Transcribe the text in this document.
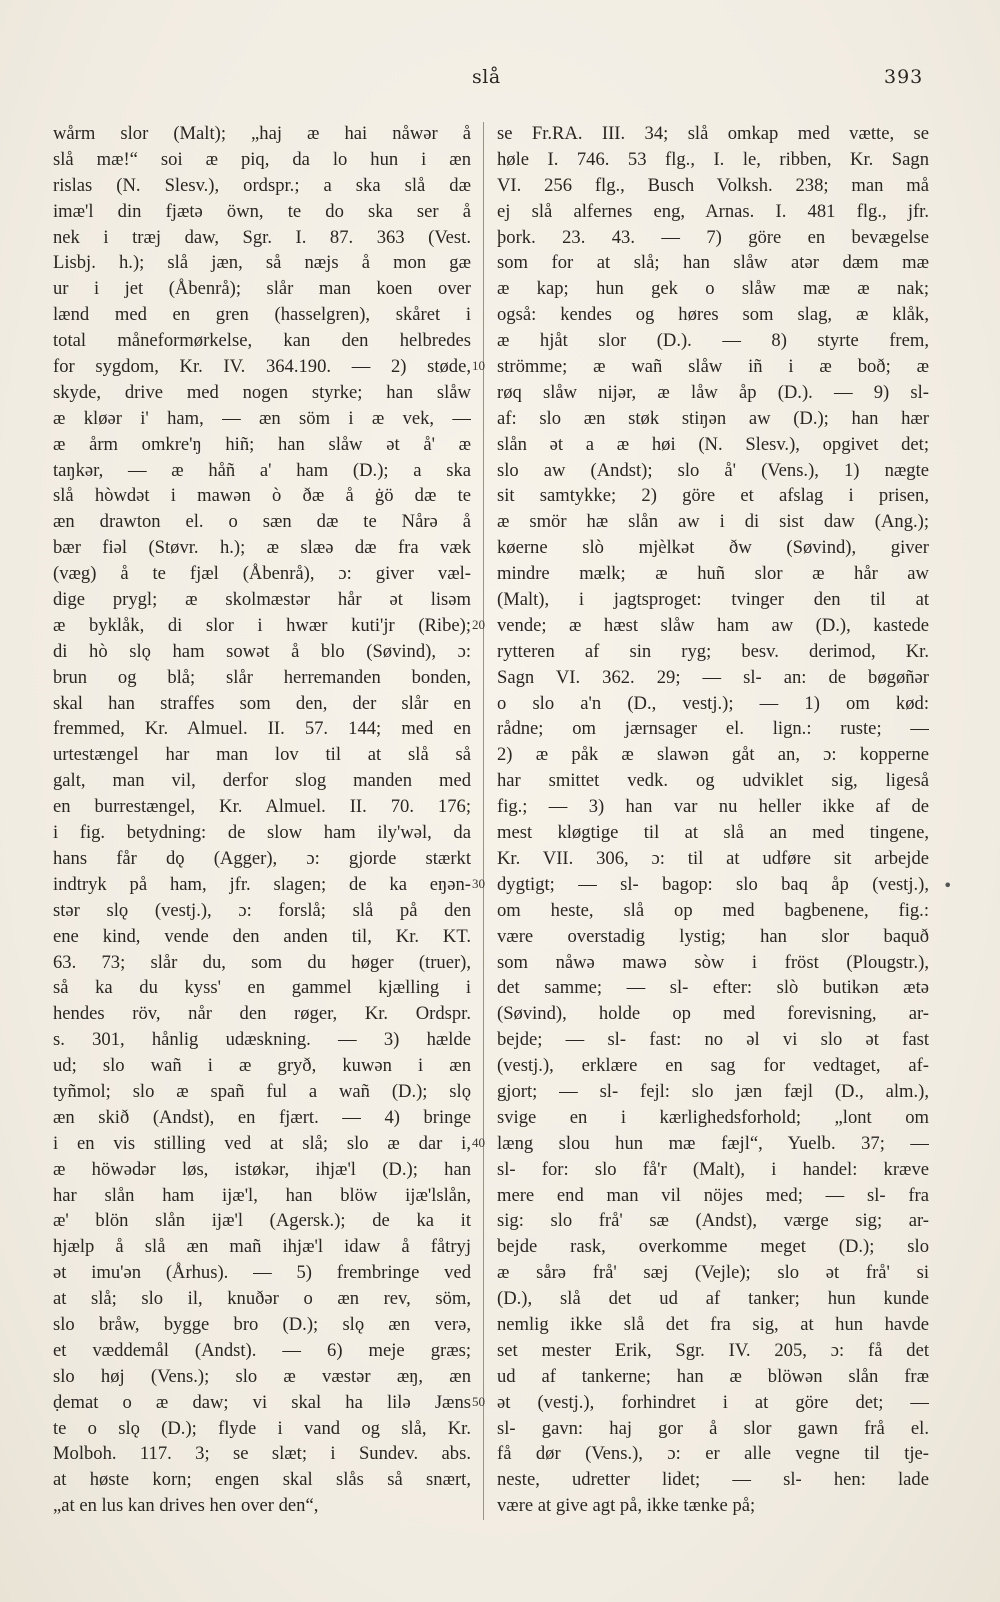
slå	393
wårm slor (Malt); „haj æ hai nåwər å
slå mæ!“ soi æ piq, da lo hun i æn
rislas (N. Slesv.), ordspr.; a ska slå dæ
imæ'l din fjætə öwn, te do ska ser å
nek i træj daw, Sgr. I. 87. 363 (Vest.
Lisbj. h.); slå jæn, så næjs å mon gæ
ur i jet (Åbenrå); slår man koen over
lænd med en gren (hasselgren), skåret i
total måneformørkelse, kan den helbredes
for sygdom, Kr. IV. 364.190. — 2) støde,
skyde, drive med nogen styrke; han slåw
æ kløər i' ham, — æn söm i æ vek, —
æ årm omkre'ŋ hiñ; han slåw ət å' æ
taŋkər, — æ håñ a' ham (D.); a ska
slå hòwdət i mawən ò ðæ å ġö dæ te
æn drawton el. o sæn dæ te Nårə å
bær fiəl (Støvr. h.); æ slæə dæ fra væk
(væg) å te fjæl (Åbenrå), ɔ: giver væl-
dige prygl; æ skolmæstər hår ət lisəm
æ byklåk, di slor i hwær kuti'jr (Ribe);
di hò slǫ ham sowət å blo (Søvind), ɔ:
brun og blå; slår herremanden bonden,
skal han straffes som den, der slår en
fremmed, Kr. Almuel. II. 57. 144; med en
urtestængel har man lov til at slå så
galt, man vil, derfor slog manden med
en burrestængel, Kr. Almuel. II. 70. 176;
i fig. betydning: de slow ham ily'wəl, da
hans får dǫ (Agger), ɔ: gjorde stærkt
indtryk på ham, jfr. slagen; de ka eŋən-
stər slǫ (vestj.), ɔ: forslå; slå på den
ene kind, vende den anden til, Kr. KT.
63. 73; slår du, som du høger (truer),
så ka du kyss' en gammel kjælling i
hendes röv, når den røger, Kr. Ordspr.
s. 301, hånlig udæskning. — 3) hælde
ud; slo wañ i æ gryð, kuwən i æn
tyñmol; slo æ spañ ful a wañ (D.); slǫ
æn skið (Andst), en fjært. — 4) bringe
i en vis stilling ved at slå; slo æ dar i,
æ höwədər løs, istøkər, ihjæ'l (D.); han
har slån ham ijæ'l, han blöw ijæ'lslån,
æ' blön slån ijæ'l (Agersk.); de ka it
hjælp å slå æn mañ ihjæ'l idaw å fåtryj
ət imu'ən (Århus). — 5) frembringe ved
at slå; slo il, knuðər o æn rev, söm,
slo bråw, bygge bro (D.); slǫ æn verə,
et væddemål (Andst). — 6) meje græs;
slo høj (Vens.); slo æ væstər æŋ, æn
ḍemat o æ daw; vi skal ha lilə Jæns
te o slǫ (D.); flyde i vand og slå, Kr.
Molboh. 117. 3; se slæt; i Sundev. abs.
at høste korn; engen skal slås så snært,
„at en lus kan drives hen over den“,
se Fr.RA. III. 34; slå omkap med vætte, se
høle I. 746. 53 flg., I. le, ribben, Kr. Sagn
VI. 256 flg., Busch Volksh. 238; man må
ej slå alfernes eng, Arnas. I. 481 flg., jfr.
þork. 23. 43. — 7) göre en bevægelse
som for at slå; han slåw atər dæm mæ
æ kap; hun gek o slåw mæ æ nak;
også: kendes og høres som slag, æ klåk,
æ hjåt slor (D.). — 8) styrte frem,
strömme; æ wañ slåw iñ i æ boð; æ
røq slåw nijər, æ låw åp (D.). — 9) sl-
af: slo æn støk stiŋən aw (D.); han hær
slån ət a æ høi (N. Slesv.), opgivet det;
slo aw (Andst); slo å' (Vens.), 1) nægte
sit samtykke; 2) göre et afslag i prisen,
æ smör hæ slån aw i di sist daw (Ang.);
køerne slò mjèlkət ðw (Søvind), giver
mindre mælk; æ huñ slor æ hår aw
(Malt), i jagtsproget: tvinger den til at
vende; æ hæst slåw ham aw (D.), kastede
rytteren af sin ryg; besv. derimod, Kr.
Sagn VI. 362. 29; — sl- an: de bøgøñər
o slo a'n (D., vestj.); — 1) om kød:
rådne; om jærnsager el. lign.: ruste; —
2) æ påk æ slawən gåt an, ɔ: kopperne
har smittet vedk. og udviklet sig, ligeså
fig.; — 3) han var nu heller ikke af de
mest kløgtige til at slå an med tingene,
Kr. VII. 306, ɔ: til at udføre sit arbejde
dygtigt; — sl- bagop: slo baq åp (vestj.),
om heste, slå op med bagbenene, fig.:
være overstadig lystig; han slor baquð
som nåwə mawə sòw i fröst (Plougstr.),
det samme; — sl- efter: slò butikən ætə
(Søvind), holde op med forevisning, ar-
bejde; — sl- fast: no əl vi slo ət fast
(vestj.), erklære en sag for vedtaget, af-
gjort; — sl- fejl: slo jæn fæjl (D., alm.),
svige en i kærlighedsforhold; „lont om
læng slou hun mæ fæjl“, Yuelb. 37; —
sl- for: slo få'r (Malt), i handel: kræve
mere end man vil nöjes med; — sl- fra
sig: slo frå' sæ (Andst), værge sig; ar-
bejde rask, overkomme meget (D.); slo
æ sårə frå' sæj (Vejle); slo ət frå' si
(D.), slå det ud af tanker; hun kunde
nemlig ikke slå det fra sig, at hun havde
set mester Erik, Sgr. IV. 205, ɔ: få det
ud af tankerne; han æ blöwən slån fræ
ət (vestj.), forhindret i at göre det; —
sl- gavn: haj gor å slor gawn frå el.
få dør (Vens.), ɔ: er alle vegne til tje-
neste, udretter lidet; — sl- hen: lade
være at give agt på, ikke tænke på;
10
20
30
40
50
•
